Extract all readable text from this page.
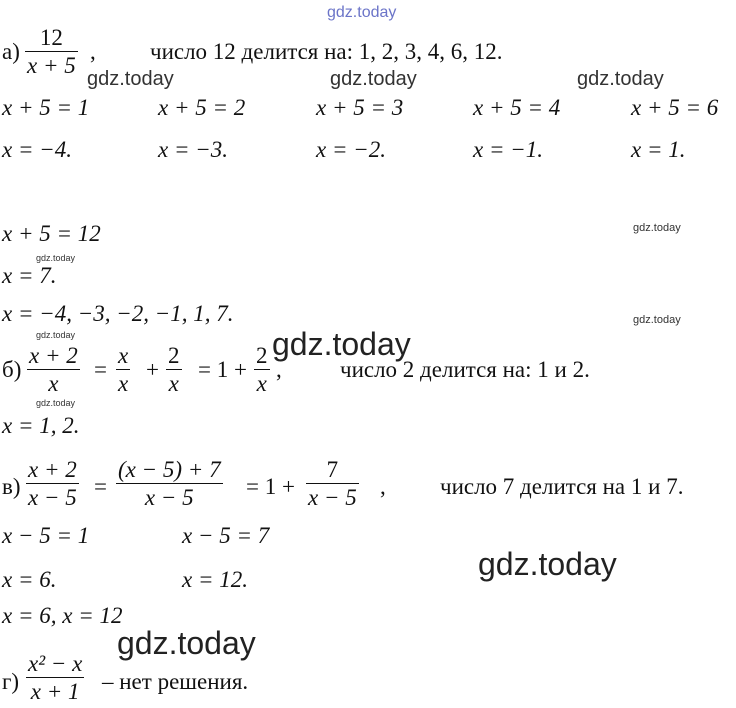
gdz.today
gdz.today	gdz.today	gdz.today
gdz.today
gdz.today
gdz.today
gdz.today	gdz.today
gdz.today
gdz.today
gdz.today
а)
12
x + 5
, число 12 делится на: 1, 2, 3, 4, 6, 12.
x + 5 = 1	x + 5 = 2	x + 5 = 3	x + 5 = 4	x + 5 = 6
x = −4.	x = −3.	x = −2.	x = −1.	x = 1.
x + 5 = 12
x = 7.
x = −4, −3, −2, −1, 1, 7.
б)
x + 2
x
=
x
x
+
2
x
= 1 +
2
x
,	число 2 делится на: 1 и 2.
x = 1, 2.
в)
x + 2
x − 5 =
(x − 5) + 7
x − 5	= 1 +
7
x − 5 , число 7 делится на 1 и 7.
x − 5 = 1	x − 5 = 7
x = 6.	x = 12.
x = 6, x = 12
г)
x² − x
x + 1 – нет решения.
